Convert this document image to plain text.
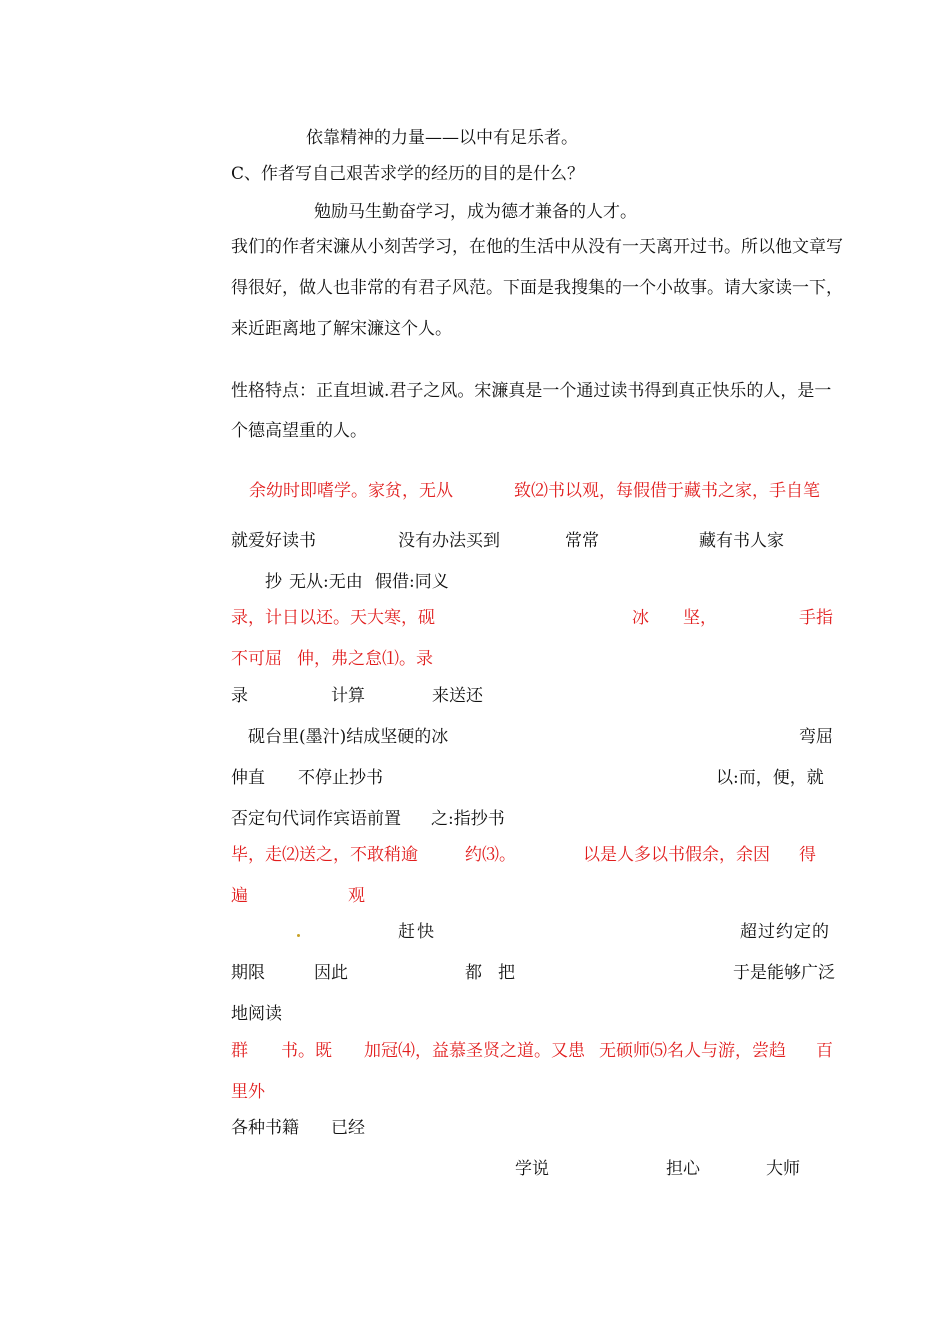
依靠精神的力量——以中有足乐者。
C、作者写自己艰苦求学的经历的目的是什么？
勉励马生勤奋学习，成为德才兼备的人才。
我们的作者宋濂从小刻苦学习，在他的生活中从没有一天离开过书。所以他文章写
得很好，做人也非常的有君子风范。下面是我搜集的一个小故事。请大家读一下，
来近距离地了解宋濂这个人。
性格特点：正直坦诚.君子之风。宋濂真是一个通过读书得到真正快乐的人，是一
个德高望重的人。
余幼时即嗜学。家贫，无从	致⑵书以观，每假借于藏书之家，手自笔
就爱好读书	没有办法买到	常常	藏有书人家
抄 无从:无由 假借:同义
录，计日以还。天大寒，砚	冰 坚，	手指
不可屈 伸，弗之怠⑴。录
录	计算	来送还
砚台里(墨汁)结成坚硬的冰	弯屈
伸直 不停止抄书	以:而，便，就
否定句代词作宾语前置 之:指抄书
毕，走⑵送之，不敢稍逾	约⑶。	以是人多以书假余，余因 得
遍	观
赶快	超过约定的
期限	因此	都 把	于是能够广泛
地阅读
群 书。既 加冠⑷，益慕圣贤之道。又患 无硕师⑸名人与游，尝趋 百
里外
各种书籍 已经
学说	担心	大师
